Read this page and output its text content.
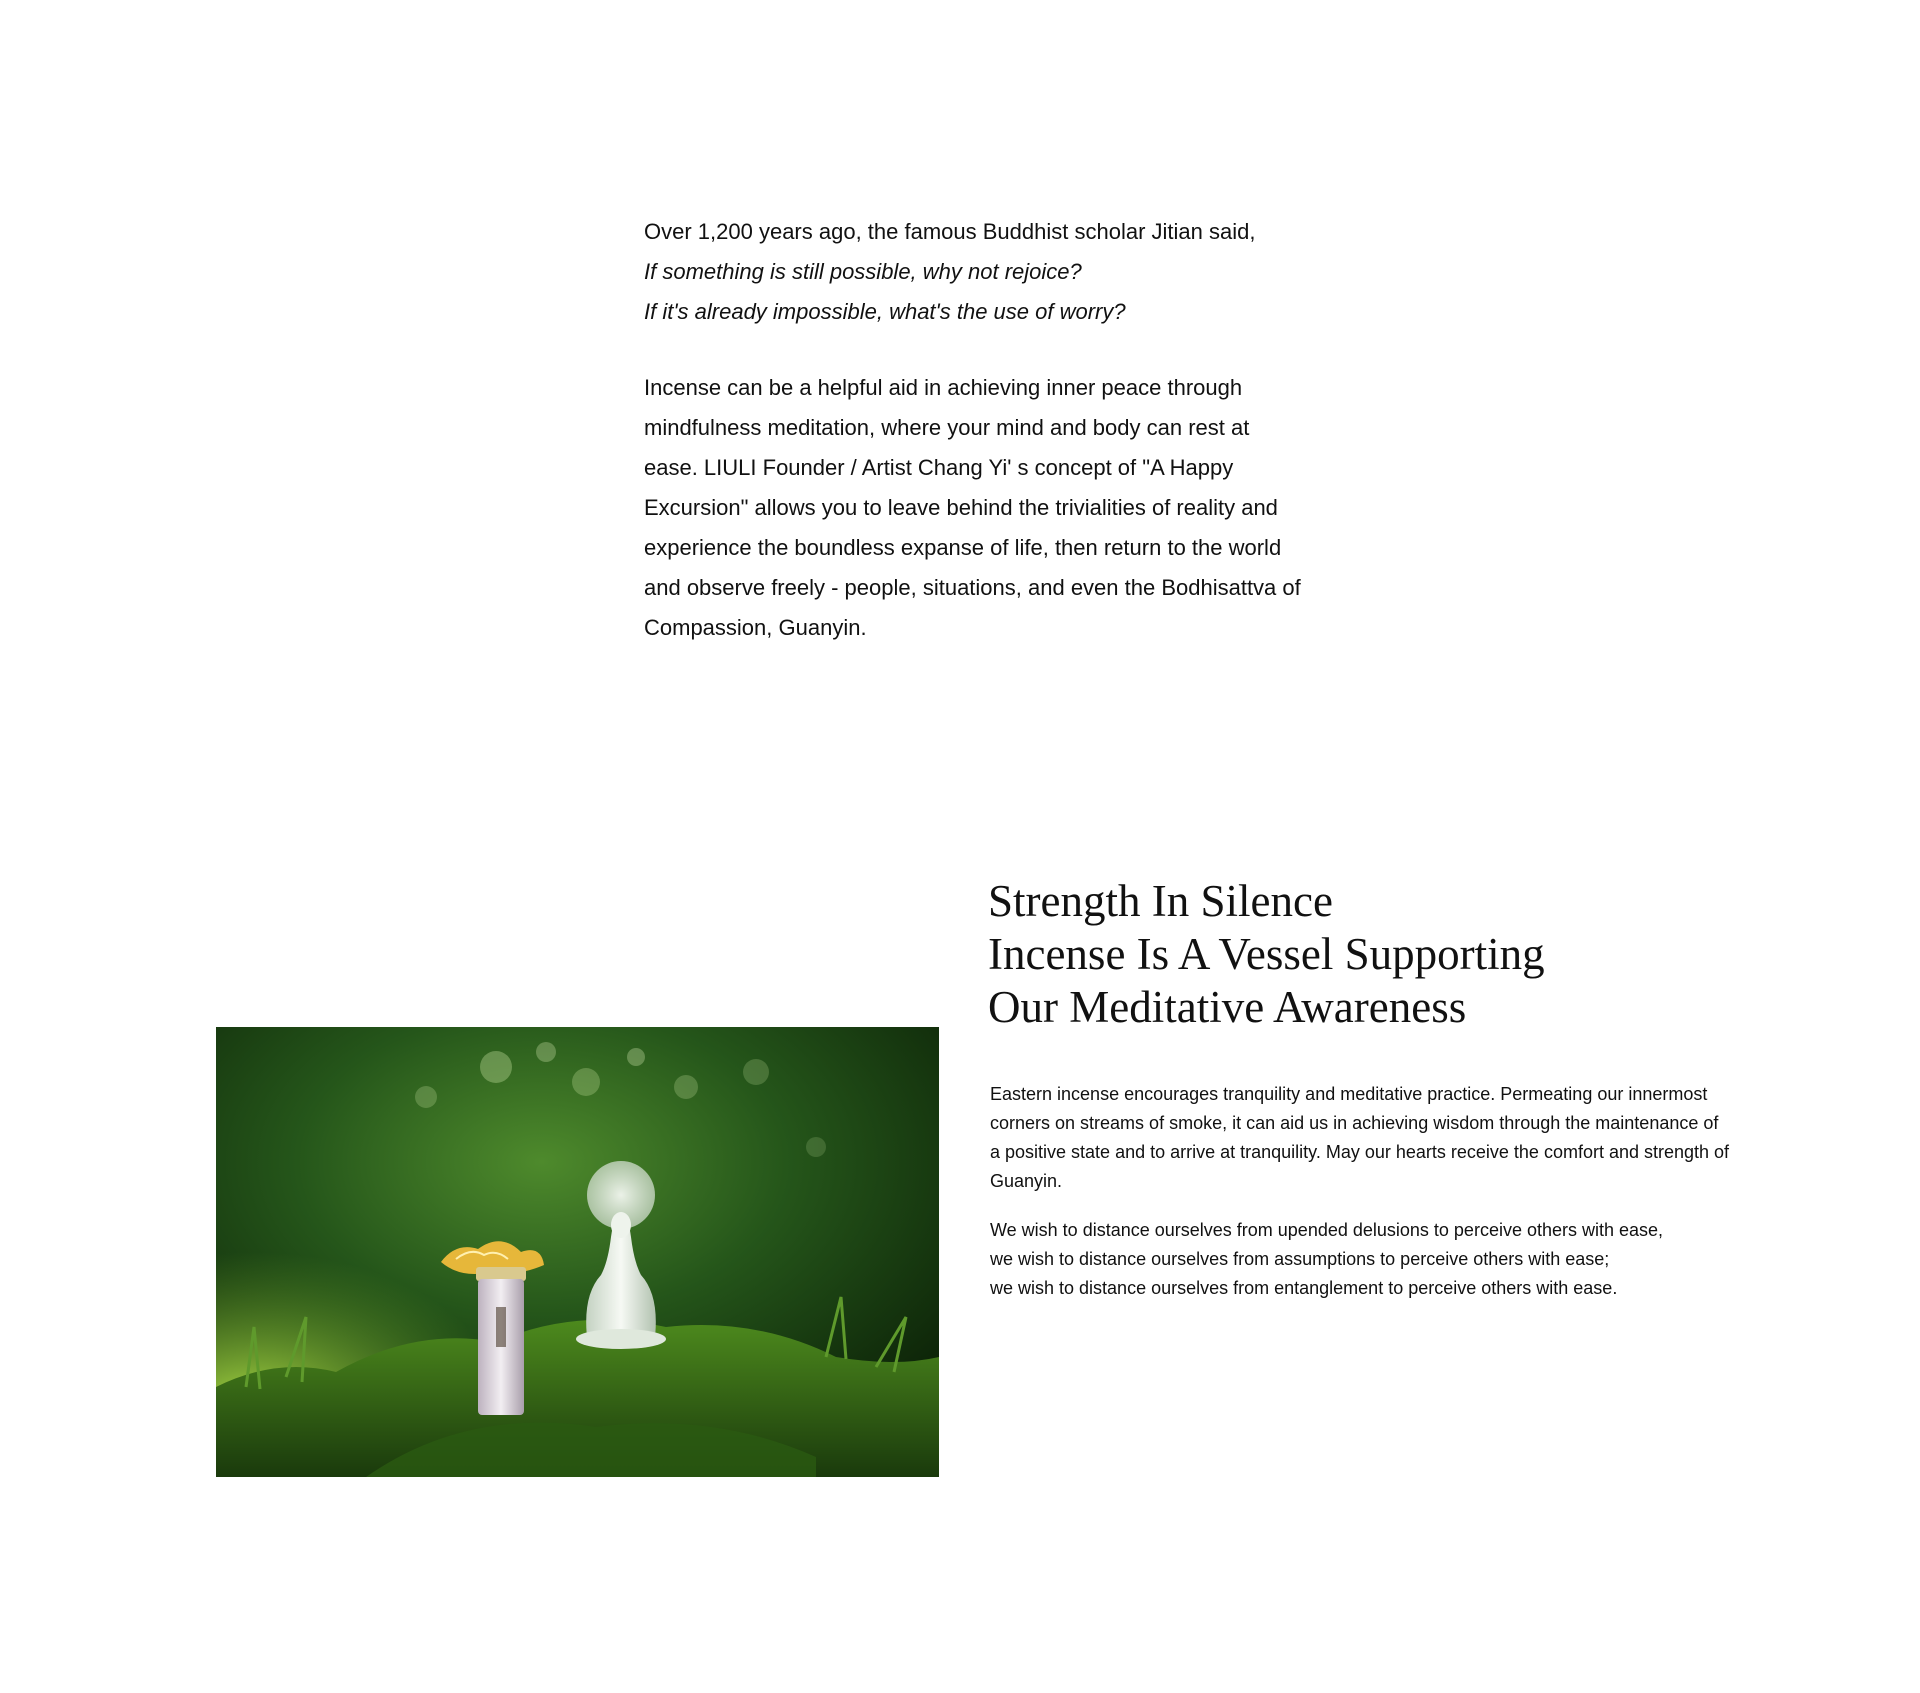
Over 1,200 years ago, the famous Buddhist scholar Jitian said,

If something is still possible, why not rejoice?

If it's already impossible, what's the use of worry?

Incense can be a helpful aid in achieving inner peace through mindfulness meditation, where your mind and body can rest at ease. LIULI Founder / Artist Chang Yi' s concept of "A Happy Excursion" allows you to leave behind the trivialities of reality and experience the boundless expanse of life, then return to the world and observe freely - people, situations, and even the Bodhisattva of Compassion, Guanyin.

Strength In Silence
Incense Is A Vessel Supporting
Our Meditative Awareness

Eastern incense encourages tranquility and meditative practice. Permeating our innermost corners on streams of smoke, it can aid us in achieving wisdom through the maintenance of a positive state and to arrive at tranquility. May our hearts receive the comfort and strength of Guanyin.

We wish to distance ourselves from upended delusions to perceive others with ease,
we wish to distance ourselves from assumptions to perceive others with ease;
we wish to distance ourselves from entanglement to perceive others with ease.
